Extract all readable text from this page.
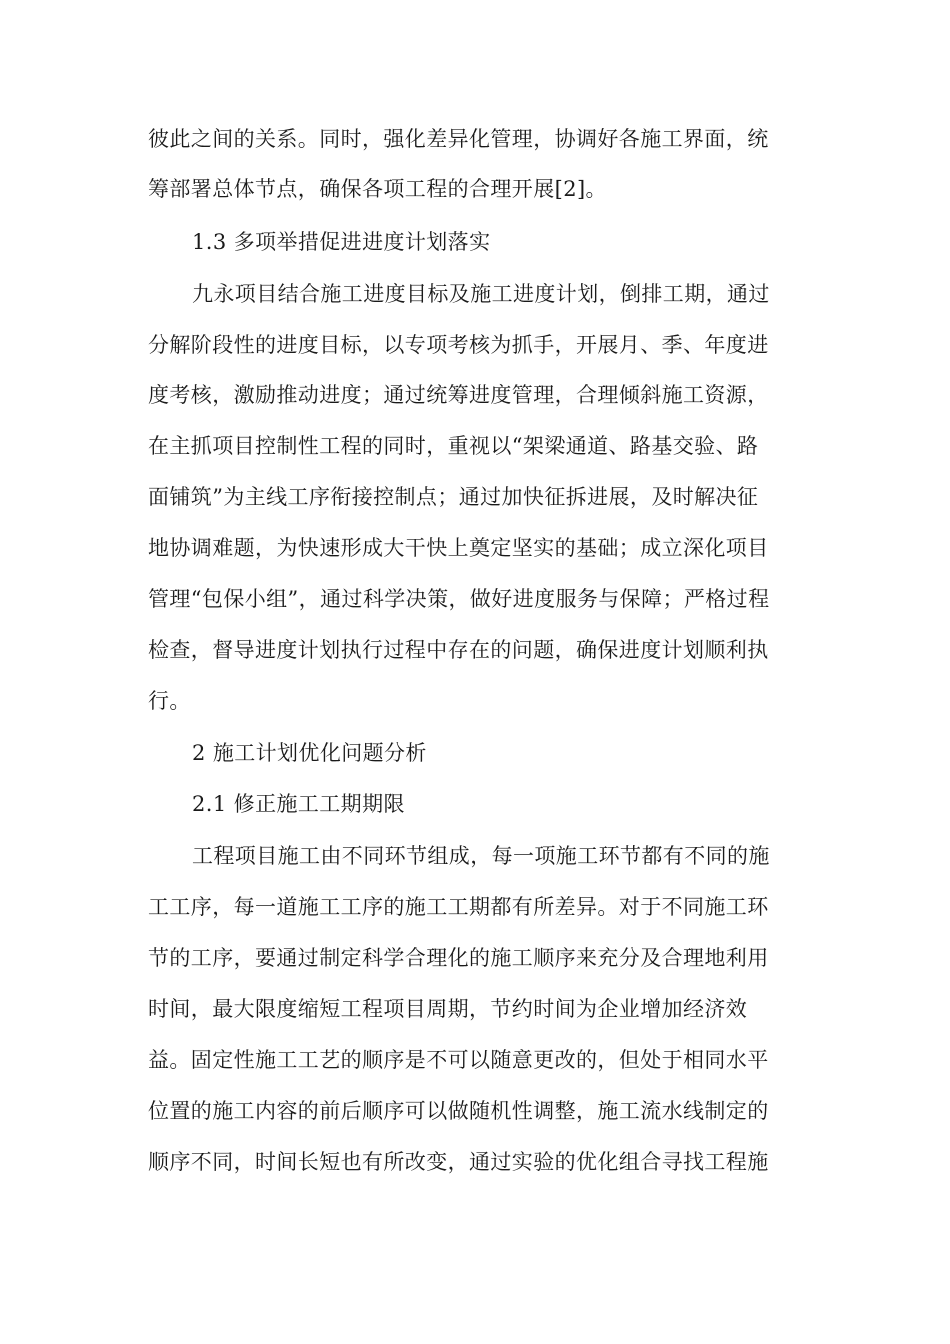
彼此之间的关系。同时，强化差异化管理，协调好各施工界面，统
筹部署总体节点，确保各项工程的合理开展[2]。
1.3 多项举措促进进度计划落实
九永项目结合施工进度目标及施工进度计划，倒排工期，通过
分解阶段性的进度目标，以专项考核为抓手，开展月、季、年度进
度考核，激励推动进度；通过统筹进度管理，合理倾斜施工资源，
在主抓项目控制性工程的同时，重视以“架梁通道、路基交验、路
面铺筑”为主线工序衔接控制点；通过加快征拆进展，及时解决征
地协调难题，为快速形成大干快上奠定坚实的基础；成立深化项目
管理“包保小组”，通过科学决策，做好进度服务与保障；严格过程
检查，督导进度计划执行过程中存在的问题，确保进度计划顺利执
行。
2 施工计划优化问题分析
2.1 修正施工工期期限
工程项目施工由不同环节组成，每一项施工环节都有不同的施
工工序，每一道施工工序的施工工期都有所差异。对于不同施工环
节的工序，要通过制定科学合理化的施工顺序来充分及合理地利用
时间，最大限度缩短工程项目周期，节约时间为企业增加经济效
益。固定性施工工艺的顺序是不可以随意更改的，但处于相同水平
位置的施工内容的前后顺序可以做随机性调整，施工流水线制定的
顺序不同，时间长短也有所改变，通过实验的优化组合寻找工程施
